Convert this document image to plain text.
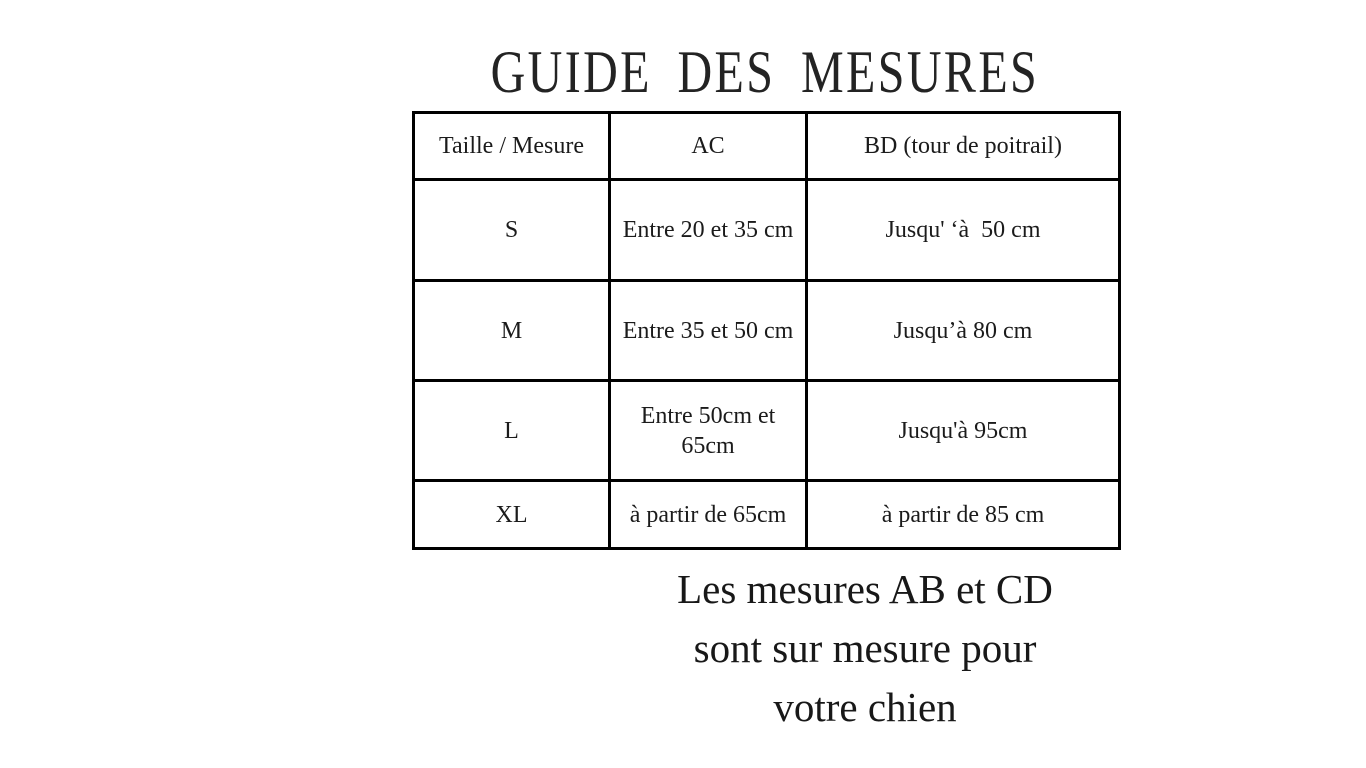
GUIDE DES MESURES
Taille / Mesure	AC	BD (tour de poitrail)
S	Entre 20 et 35 cm	Jusqu' ‘à  50 cm
M	Entre 35 et 50 cm	Jusqu’à 80 cm
L	Entre 50cm et 65cm	Jusqu'à 95cm
XL	à partir de 65cm	à partir de 85 cm
Les mesures AB et CD
sont sur mesure pour
votre chien
